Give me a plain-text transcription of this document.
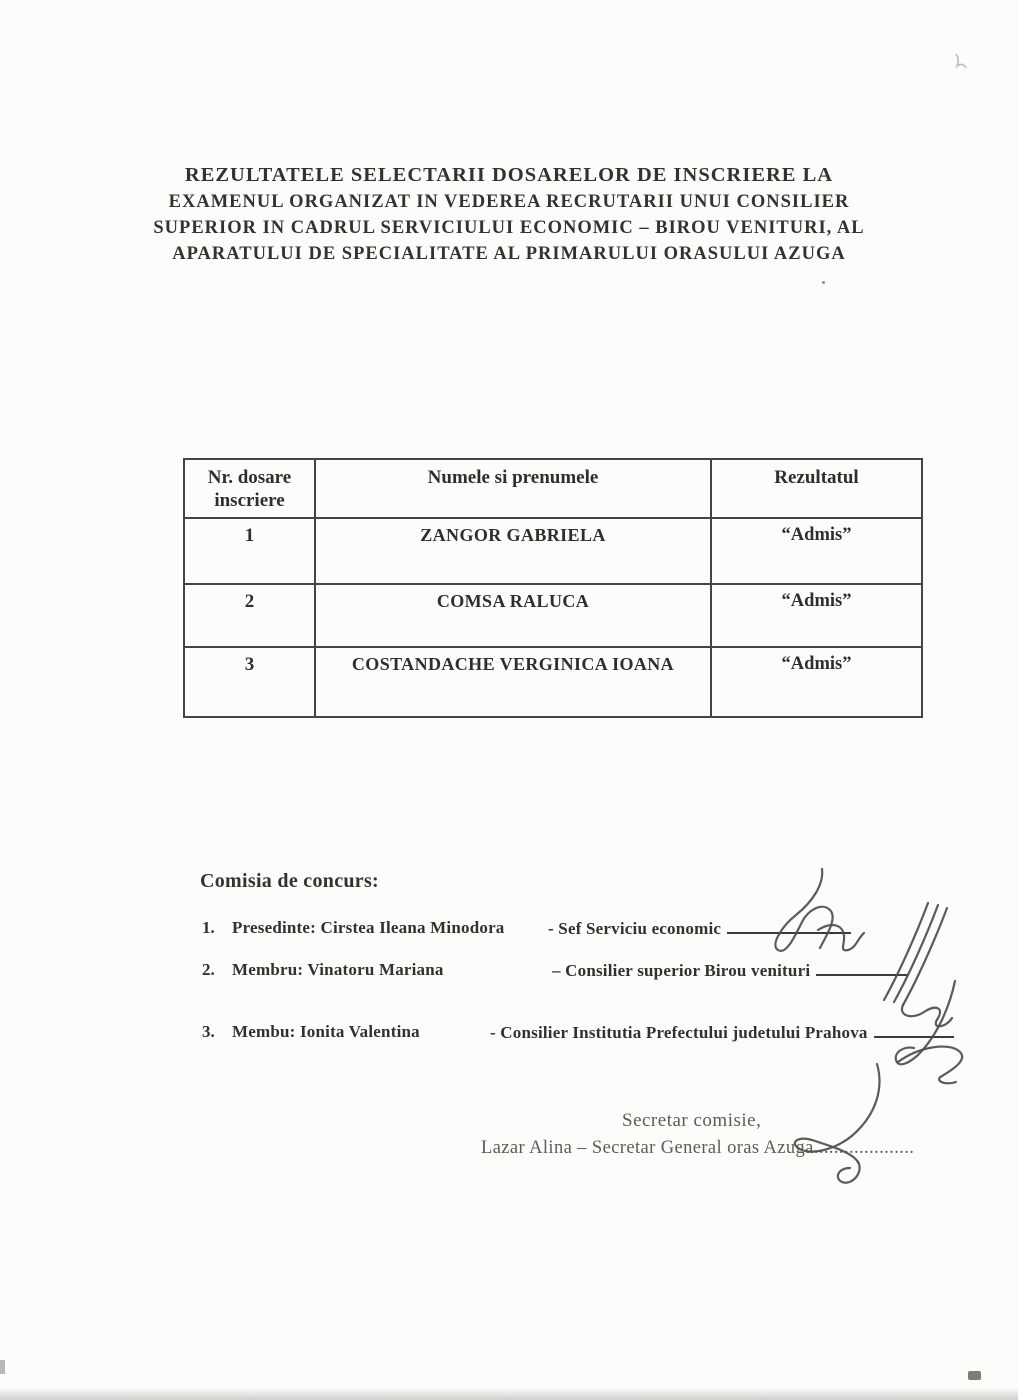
REZULTATELE SELECTARII DOSARELOR DE INSCRIERE LA
EXAMENUL ORGANIZAT IN VEDEREA RECRUTARII UNUI CONSILIER
SUPERIOR IN CADRUL SERVICIULUI ECONOMIC – BIROU VENITURI, AL
APARATULUI DE SPECIALITATE AL PRIMARULUI ORASULUI AZUGA
Nr. dosare inscriere	Numele si prenumele	Rezultatul
1	ZANGOR GABRIELA	“Admis”
2	COMSA RALUCA	“Admis”
3	COSTANDACHE VERGINICA IOANA	“Admis”
Comisia de concurs:
1. Presedinte: Cirstea Ileana Minodora	- Sef Serviciu economic
2. Membru: Vinatoru Mariana	– Consilier superior Birou venituri
3. Membu: Ionita Valentina	- Consilier Institutia Prefectului judetului Prahova
Secretar comisie,
Lazar Alina – Secretar General oras Azuga....................
